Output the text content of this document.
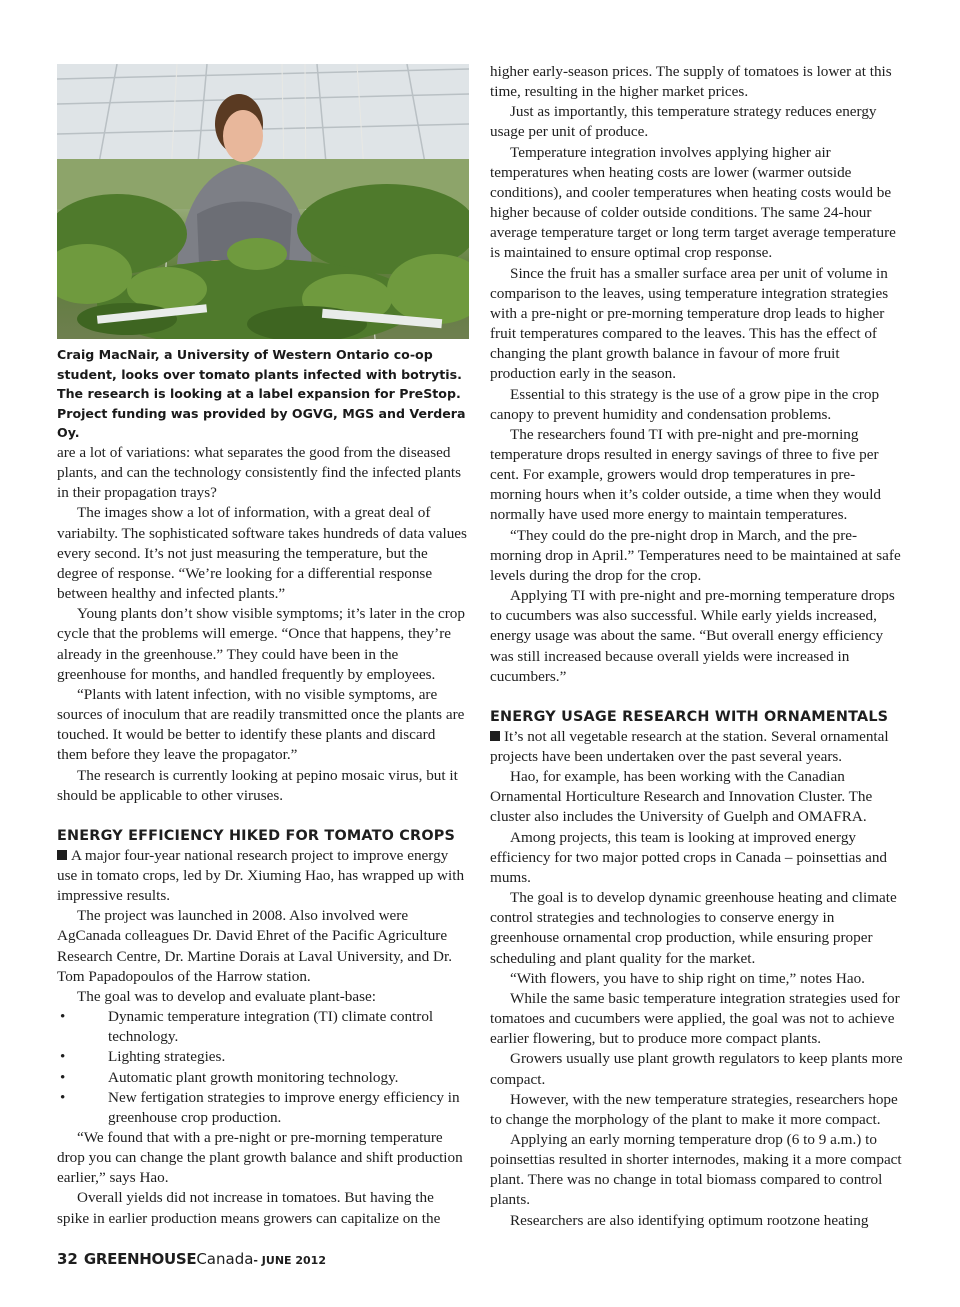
Craig MacNair, a University of Western Ontario co-op student, looks over tomato plants infected with botrytis. The research is looking at a label expansion for PreStop. Project funding was provided by OGVG, MGS and Verdera Oy.

are a lot of variations: what separates the good from the diseased plants, and can the technology consistently find the infected plants in their propagation trays?

The images show a lot of information, with a great deal of variabilty. The sophisticated software takes hundreds of data values every second. It’s not just measuring the temperature, but the degree of response. “We’re looking for a differential response between healthy and infected plants.”

Young plants don’t show visible symptoms; it’s later in the crop cycle that the problems will emerge. “Once that happens, they’re already in the greenhouse.” They could have been in the greenhouse for months, and handled frequently by employees.

“Plants with latent infection, with no visible symptoms, are sources of inoculum that are readily transmitted once the plants are touched. It would be better to identify these plants and discard them before they leave the propagator.”

The research is currently looking at pepino mosaic virus, but it should be applicable to other viruses.

ENERGY EFFICIENCY HIKED FOR TOMATO CROPS

A major four-year national research project to improve energy use in tomato crops, led by Dr. Xiuming Hao, has wrapped up with impressive results.

The project was launched in 2008. Also involved were AgCanada colleagues Dr. David Ehret of the Pacific Agriculture Research Centre, Dr. Martine Dorais at Laval University, and Dr. Tom Papadopoulos of the Harrow station.

The goal was to develop and evaluate plant-base:

•	Dynamic temperature integration (TI) climate control technology.
•	Lighting strategies.
•	Automatic plant growth monitoring technology.
•	New fertigation strategies to improve energy efficiency in greenhouse crop production.

“We found that with a pre-night or pre-morning temperature drop you can change the plant growth balance and shift production earlier,” says Hao.

Overall yields did not increase in tomatoes. But having the spike in earlier production means growers can capitalize on the

higher early-season prices. The supply of tomatoes is lower at this time, resulting in the higher market prices.

Just as importantly, this temperature strategy reduces energy usage per unit of produce.

Temperature integration involves applying higher air temperatures when heating costs are lower (warmer outside conditions), and cooler temperatures when heating costs would be higher because of colder outside conditions. The same 24-hour average temperature target or long term target average temperature is maintained to ensure optimal crop response.

Since the fruit has a smaller surface area per unit of volume in comparison to the leaves, using temperature integration strategies with a pre-night or pre-morning temperature drop leads to higher fruit temperatures compared to the leaves. This has the effect of changing the plant growth balance in favour of more fruit production early in the season.

Essential to this strategy is the use of a grow pipe in the crop canopy to prevent humidity and condensation problems.

The researchers found TI with pre-night and pre-morning temperature drops resulted in energy savings of three to five per cent. For example, growers would drop temperatures in pre-morning hours when it’s colder outside, a time when they would normally have used more energy to maintain temperatures.

“They could do the pre-night drop in March, and the pre-morning drop in April.” Temperatures need to be maintained at safe levels during the drop for the crop.

Applying TI with pre-night and pre-morning temperature drops to cucumbers was also successful. While early yields increased, energy usage was about the same. “But overall energy efficiency was still increased because overall yields were increased in cucumbers.”

ENERGY USAGE RESEARCH WITH ORNAMENTALS

It’s not all vegetable research at the station. Several ornamental projects have been undertaken over the past several years.

Hao, for example, has been working with the Canadian Ornamental Horticulture Research and Innovation Cluster. The cluster also includes the University of Guelph and OMAFRA.

Among projects, this team is looking at improved energy efficiency for two major potted crops in Canada – poinsettias and mums.

The goal is to develop dynamic greenhouse heating and climate control strategies and technologies to conserve energy in greenhouse ornamental crop production, while ensuring proper scheduling and plant quality for the market.

“With flowers, you have to ship right on time,” notes Hao.

While the same basic temperature integration strategies used for tomatoes and cucumbers were applied, the goal was not to achieve earlier flowering, but to produce more compact plants.

Growers usually use plant growth regulators to keep plants more compact.

However, with the new temperature strategies, researchers hope to change the morphology of the plant to make it more compact.

Applying an early morning temperature drop (6 to 9 a.m.) to poinsettias resulted in shorter internodes, making it a more compact plant. There was no change in total biomass compared to control plants.

Researchers are also identifying optimum rootzone heating

32 GREENHOUSECanada- JUNE 2012
